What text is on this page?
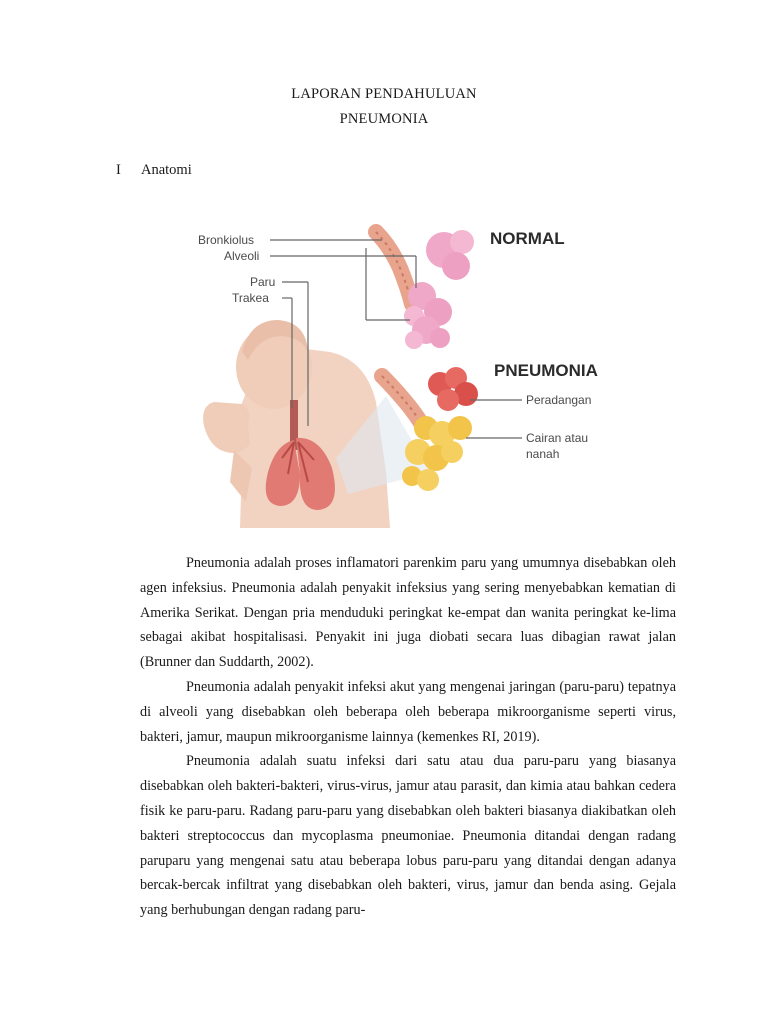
LAPORAN PENDAHULUAN
PNEUMONIA
I Anatomi
Bronkiolus
Alveoli
Paru
Trakea
NORMAL
PNEUMONIA
Peradangan
Cairan atau
nanah

Pneumonia adalah proses inflamatori parenkim paru yang umumnya disebabkan oleh agen infeksius. Pneumonia adalah penyakit infeksius yang sering menyebabkan kematian di Amerika Serikat. Dengan pria menduduki peringkat ke-empat dan wanita peringkat ke-lima sebagai akibat hospitalisasi. Penyakit ini juga diobati secara luas dibagian rawat jalan (Brunner dan Suddarth, 2002).

Pneumonia adalah penyakit infeksi akut yang mengenai jaringan (paru-paru) tepatnya di alveoli yang disebabkan oleh beberapa oleh beberapa mikroorganisme seperti virus, bakteri, jamur, maupun mikroorganisme lainnya (kemenkes RI, 2019).

Pneumonia adalah suatu infeksi dari satu atau dua paru-paru yang biasanya disebabkan oleh bakteri-bakteri, virus-virus, jamur atau parasit, dan kimia atau bahkan cedera fisik ke paru-paru. Radang paru-paru yang disebabkan oleh bakteri biasanya diakibatkan oleh bakteri streptococcus dan mycoplasma pneumoniae. Pneumonia ditandai dengan radang paruparu yang mengenai satu atau beberapa lobus paru-paru yang ditandai dengan adanya bercak-bercak infiltrat yang disebabkan oleh bakteri, virus, jamur dan benda asing. Gejala yang berhubungan dengan radang paru-
